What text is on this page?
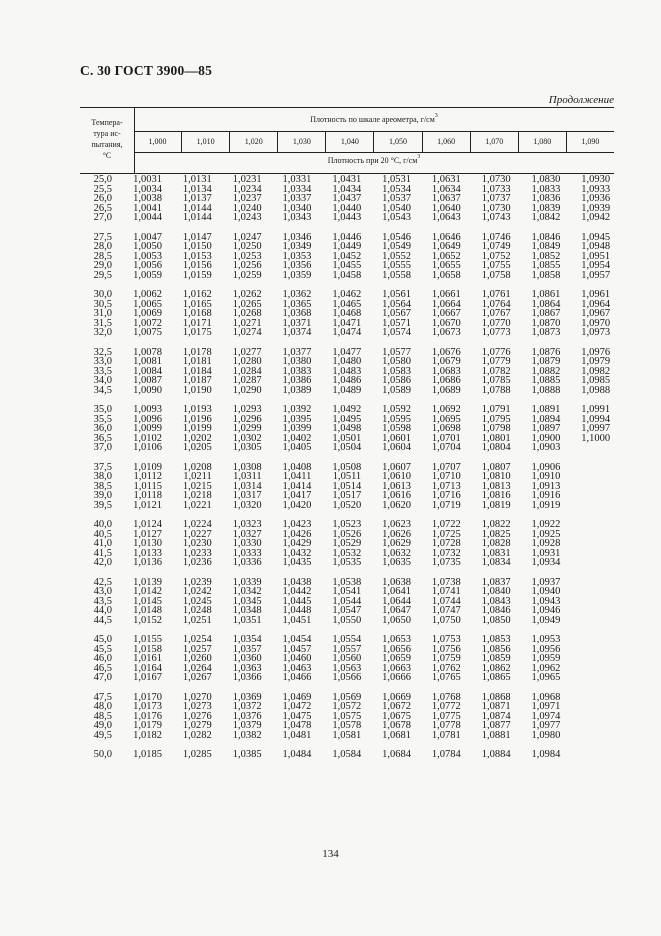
С. 30 ГОСТ 3900—85
Продолжение
Темпера-
тура ис-
пытания,
°С
Плотность по шкале ареометра, $г/см^3$
1,000	1,010	1,020	1,030	1,040	1,050	1,060	1,070	1,080	1,090
Плотность при 20 °С, $г/см^3$
25,0	1,0031	1,0131	1,0231	1,0331	1,0431	1,0531	1,0631	1,0730	1,0830	1,0930
25,5	1,0034	1,0134	1,0234	1,0334	1,0434	1,0534	1,0634	1,0733	1,0833	1,0933
26,0	1,0038	1,0137	1,0237	1,0337	1,0437	1,0537	1,0637	1,0737	1,0836	1,0936
26,5	1,0041	1,0144	1,0240	1,0340	1,0440	1,0540	1,0640	1,0730	1,0839	1,0939
27,0	1,0044	1,0144	1,0243	1,0343	1,0443	1,0543	1,0643	1,0743	1,0842	1,0942
27,5	1,0047	1,0147	1,0247	1,0346	1,0446	1,0546	1,0646	1,0746	1,0846	1,0945
28,0	1,0050	1,0150	1,0250	1,0349	1,0449	1,0549	1,0649	1,0749	1,0849	1,0948
28,5	1,0053	1,0153	1,0253	1,0353	1,0452	1,0552	1,0652	1,0752	1,0852	1,0951
29,0	1,0056	1,0156	1,0256	1,0356	1,0455	1,0555	1,0655	1,0755	1,0855	1,0954
29,5	1,0059	1,0159	1,0259	1,0359	1,0458	1,0558	1,0658	1,0758	1,0858	1,0957
30,0	1,0062	1,0162	1,0262	1,0362	1,0462	1,0561	1,0661	1,0761	1,0861	1,0961
30,5	1,0065	1,0165	1,0265	1,0365	1,0465	1,0564	1,0664	1,0764	1,0864	1,0964
31,0	1,0069	1,0168	1,0268	1,0368	1,0468	1,0567	1,0667	1,0767	1,0867	1,0967
31,5	1,0072	1,0171	1,0271	1,0371	1,0471	1,0571	1,0670	1,0770	1,0870	1,0970
32,0	1,0075	1,0175	1,0274	1,0374	1,0474	1,0574	1,0673	1,0773	1,0873	1,0973
32,5	1,0078	1,0178	1,0277	1,0377	1,0477	1,0577	1,0676	1,0776	1,0876	1,0976
33,0	1,0081	1,0181	1,0280	1,0380	1,0480	1,0580	1,0679	1,0779	1,0879	1,0979
33,5	1,0084	1,0184	1,0284	1,0383	1,0483	1,0583	1,0683	1,0782	1,0882	1,0982
34,0	1,0087	1,0187	1,0287	1,0386	1,0486	1,0586	1,0686	1,0785	1,0885	1,0985
34,5	1,0090	1,0190	1,0290	1,0389	1,0489	1,0589	1,0689	1,0788	1,0888	1,0988
35,0	1,0093	1,0193	1,0293	1,0392	1,0492	1,0592	1,0692	1,0791	1,0891	1,0991
35,5	1,0096	1,0196	1,0296	1,0395	1,0495	1,0595	1,0695	1,0795	1,0894	1,0994
36,0	1,0099	1,0199	1,0299	1,0399	1,0498	1,0598	1,0698	1,0798	1,0897	1,0997
36,5	1,0102	1,0202	1,0302	1,0402	1,0501	1,0601	1,0701	1,0801	1,0900	1,1000
37,0	1,0106	1,0205	1,0305	1,0405	1,0504	1,0604	1,0704	1,0804	1,0903
37,5	1,0109	1,0208	1,0308	1,0408	1,0508	1,0607	1,0707	1,0807	1,0906
38,0	1,0112	1,0211	1,0311	1,0411	1,0511	1,0610	1,0710	1,0810	1,0910
38,5	1,0115	1,0215	1,0314	1,0414	1,0514	1,0613	1,0713	1,0813	1,0913
39,0	1,0118	1,0218	1,0317	1,0417	1,0517	1,0616	1,0716	1,0816	1,0916
39,5	1,0121	1,0221	1,0320	1,0420	1,0520	1,0620	1,0719	1,0819	1,0919
40,0	1,0124	1,0224	1,0323	1,0423	1,0523	1,0623	1,0722	1,0822	1,0922
40,5	1,0127	1,0227	1,0327	1,0426	1,0526	1,0626	1,0725	1,0825	1,0925
41,0	1,0130	1,0230	1,0330	1,0429	1,0529	1,0629	1,0728	1,0828	1,0928
41,5	1,0133	1,0233	1,0333	1,0432	1,0532	1,0632	1,0732	1,0831	1,0931
42,0	1,0136	1,0236	1,0336	1,0435	1,0535	1,0635	1,0735	1,0834	1,0934
42,5	1,0139	1,0239	1,0339	1,0438	1,0538	1,0638	1,0738	1,0837	1,0937
43,0	1,0142	1,0242	1,0342	1,0442	1,0541	1,0641	1,0741	1,0840	1,0940
43,5	1,0145	1,0245	1,0345	1,0445	1,0544	1,0644	1,0744	1,0843	1,0943
44,0	1,0148	1,0248	1,0348	1,0448	1,0547	1,0647	1,0747	1,0846	1,0946
44,5	1,0152	1,0251	1,0351	1,0451	1,0550	1,0650	1,0750	1,0850	1,0949
45,0	1,0155	1,0254	1,0354	1,0454	1,0554	1,0653	1,0753	1,0853	1,0953
45,5	1,0158	1,0257	1,0357	1,0457	1,0557	1,0656	1,0756	1,0856	1,0956
46,0	1,0161	1,0260	1,0360	1,0460	1,0560	1,0659	1,0759	1,0859	1,0959
46,5	1,0164	1,0264	1,0363	1,0463	1,0563	1,0663	1,0762	1,0862	1,0962
47,0	1,0167	1,0267	1,0366	1,0466	1,0566	1,0666	1,0765	1,0865	1,0965
47,5	1,0170	1,0270	1,0369	1,0469	1,0569	1,0669	1,0768	1,0868	1,0968
48,0	1,0173	1,0273	1,0372	1,0472	1,0572	1,0672	1,0772	1,0871	1,0971
48,5	1,0176	1,0276	1,0376	1,0475	1,0575	1,0675	1,0775	1,0874	1,0974
49,0	1,0179	1,0279	1,0379	1,0478	1,0578	1,0678	1,0778	1,0877	1,0977
49,5	1,0182	1,0282	1,0382	1,0481	1,0581	1,0681	1,0781	1,0881	1,0980
50,0	1,0185	1,0285	1,0385	1,0484	1,0584	1,0684	1,0784	1,0884	1,0984
134
